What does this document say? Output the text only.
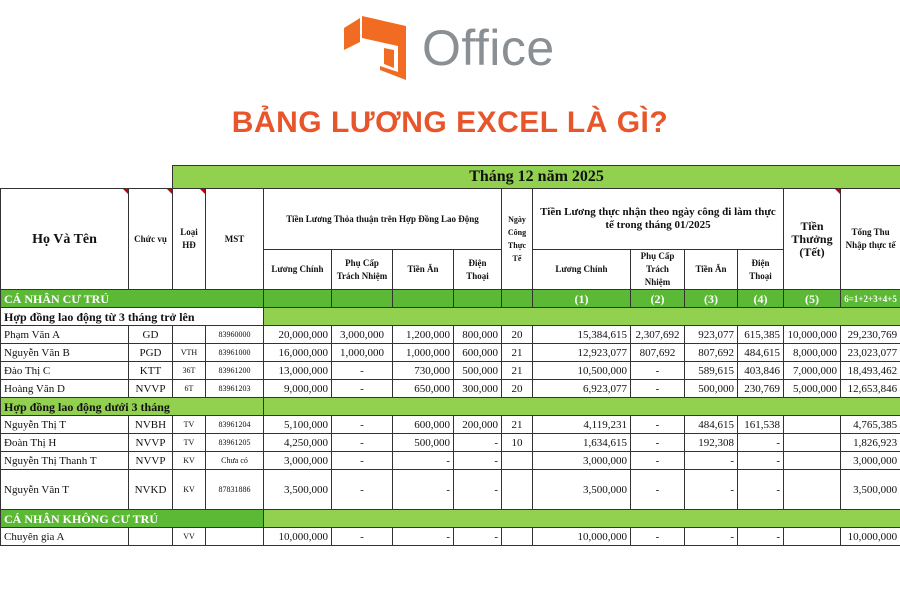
Office
BẢNG LƯƠNG EXCEL LÀ GÌ?
		Tháng 12 năm 2025												
Họ Và Tên	Chức vụ	Loại HĐ	MST	Tiền Lương Thỏa thuận trên Hợp Đồng Lao Động				Ngày Công Thực Tế	Tiền Lương thực nhận theo ngày công đi làm thực tế trong tháng 01/2025				Tiền Thưởng (Tết)	Tổng Thu Nhập thực tế
				Lương Chính	Phụ Cấp Trách Nhiệm	Tiền Ăn	Điện Thoại		Lương Chính	Phụ Cấp Trách Nhiệm	Tiền Ăn	Điện Thoại		
CÁ NHÂN CƯ TRÚ									(1)	(2)	(3)	(4)	(5)	6=1+2+3+4+5
Hợp đồng lao động từ 3 tháng trở lên														
Phạm Văn A	GD		83960000	20,000,000	3,000,000	1,200,000	800,000	20	15,384,615	2,307,692	923,077	615,385	10,000,000	29,230,769
Nguyễn Văn B	PGD	VTH	83961000	16,000,000	1,000,000	1,000,000	600,000	21	12,923,077	807,692	807,692	484,615	8,000,000	23,023,077
Đào Thị C	KTT	36T	83961200	13,000,000	-	730,000	500,000	21	10,500,000	-	589,615	403,846	7,000,000	18,493,462
Hoàng Văn D	NVVP	6T	83961203	9,000,000	-	650,000	300,000	20	6,923,077	-	500,000	230,769	5,000,000	12,653,846
Hợp đồng lao động dưới 3 tháng														
Nguyễn Thị T	NVBH	TV	83961204	5,100,000	-	600,000	200,000	21	4,119,231	-	484,615	161,538		4,765,385
Đoàn Thị H	NVVP	TV	83961205	4,250,000	-	500,000	-	10	1,634,615	-	192,308	-		1,826,923
Nguyễn Thị Thanh T	NVVP	KV	Chưa có	3,000,000	-	-	-		3,000,000	-	-	-		3,000,000
Nguyễn Văn T	NVKD	KV	87831886	3,500,000	-	-	-		3,500,000	-	-	-		3,500,000
CÁ NHÂN KHÔNG CƯ TRÚ														
Chuyên gia A		VV		10,000,000	-	-	-		10,000,000	-	-	-		10,000,000
